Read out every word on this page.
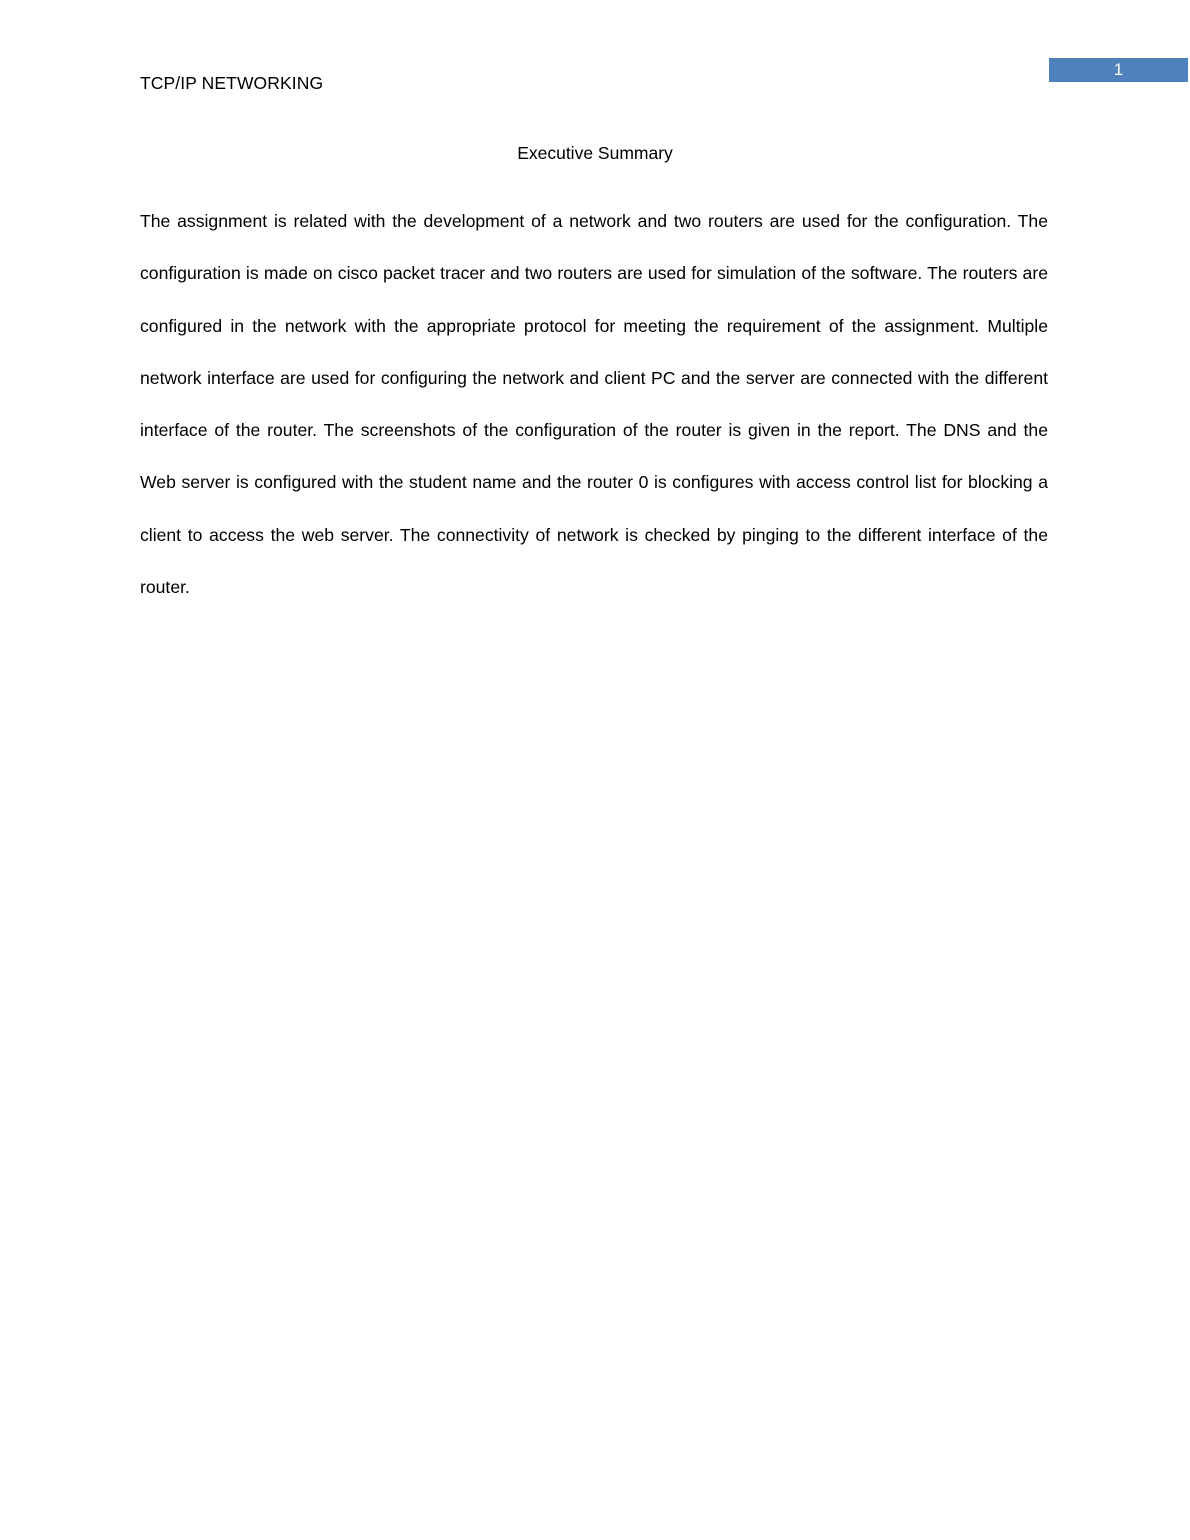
1
TCP/IP NETWORKING
Executive Summary

The assignment is related with the development of a network and two routers are used for the configuration. The configuration is made on cisco packet tracer and two routers are used for simulation of the software. The routers are configured in the network with the appropriate protocol for meeting the requirement of the assignment. Multiple network interface are used for configuring the network and client PC and the server are connected with the different interface of the router. The screenshots of the configuration of the router is given in the report. The DNS and the Web server is configured with the student name and the router 0 is configures with access control list for blocking a client to access the web server. The connectivity of network is checked by pinging to the different interface of the router.
